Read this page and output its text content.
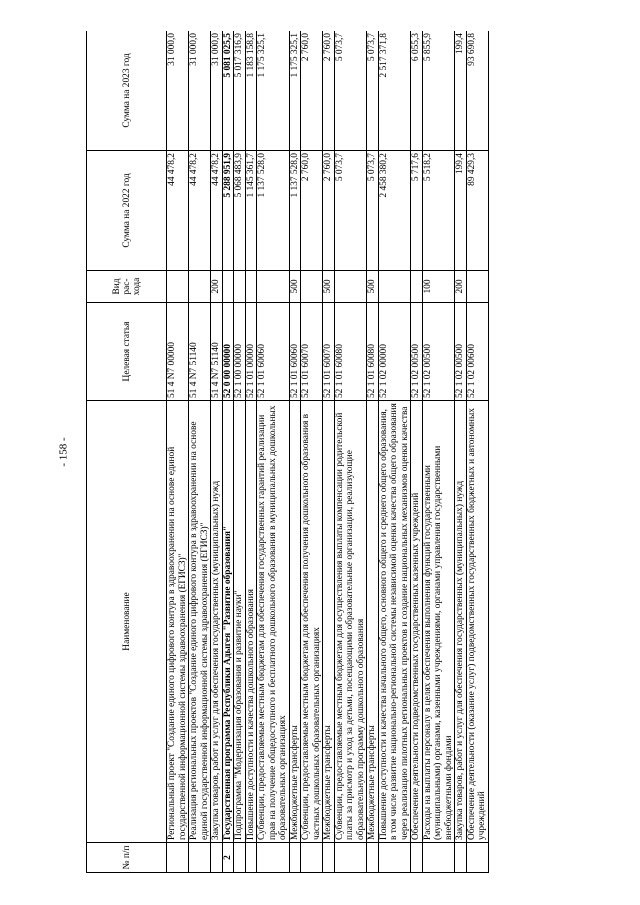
- 158 -
№ п/п	Наименование	Целевая статья	Вид рас-хода	Сумма на 2022 год	Сумма на 2023 год
	Региональный проект "Создание единого цифрового контура в здравоохранении на основе единой государственной информационной системы здравоохранения (ЕГИСЗ)"	51 4 N7 00000		44 478,2	31 000,0
	Реализация региональных проектов "Создание единого цифрового контура в здравоохранении на основе единой государственной информационной системы здравоохранения (ЕГИСЗ)"	51 4 N7 51140		44 478,2	31 000,0
	Закупка товаров, работ и услуг для обеспечения государственных (муниципальных) нужд	51 4 N7 51140	200	44 478,2	31 000,0
2	Государственная программа Республики Адыгея "Развитие образования"	52 0 00 00000		5 288 951,9	5 081 025,5
	Подпрограмма "Модернизация образования и развитие науки"	52 1 00 00000		5 068 483,9	5 017 316,9
	Повышение доступности и качества дошкольного образования	52 1 01 00000		1 145 361,7	1 183 158,8
	Субвенции, предоставляемые местным бюджетам для обеспечения государственных гарантий реализации прав на получение общедоступного и бесплатного дошкольного образования в муниципальных дошкольных образовательных организациях	52 1 01 60060		1 137 528,0	1 175 325,1
	Межбюджетные трансферты	52 1 01 60060	500	1 137 528,0	1 175 325,1
	Субвенции, предоставляемые местным бюджетам для обеспечения получения дошкольного образования в частных дошкольных образовательных организациях	52 1 01 60070		2 760,0	2 760,0
	Межбюджетные трансферты	52 1 01 60070	500	2 760,0	2 760,0
	Субвенции, предоставляемые местным бюджетам для осуществления выплаты компенсации родительской платы за присмотр и уход за детьми, посещающими образовательные организации, реализующие образовательную программу дошкольного образования	52 1 01 60080		5 073,7	5 073,7
	Межбюджетные трансферты	52 1 01 60080	500	5 073,7	5 073,7
	Повышение доступности и качества начального общего, основного общего и среднего общего образования, в том числе развитие национально-региональной системы независимой оценки качества общего образования через реализацию пилотных региональных проектов и создание национальных механизмов оценки качества	52 1 02 00000		2 458 380,2	2 517 371,8
	Обеспечение деятельности подведомственных государственных казенных учреждений	52 1 02 00500		5 717,6	6 055,3
	Расходы на выплаты персоналу в целях обеспечения выполнения функций государственными (муниципальными) органами, казенными учреждениями, органами управления государственными внебюджетными фондами	52 1 02 00500	100	5 518,2	5 855,9
	Закупка товаров, работ и услуг для обеспечения государственных (муниципальных) нужд	52 1 02 00500	200	199,4	199,4
	Обеспечение деятельности (оказание услуг) подведомственных государственных бюджетных и автономных учреждений	52 1 02 00600		89 429,3	93 690,8
